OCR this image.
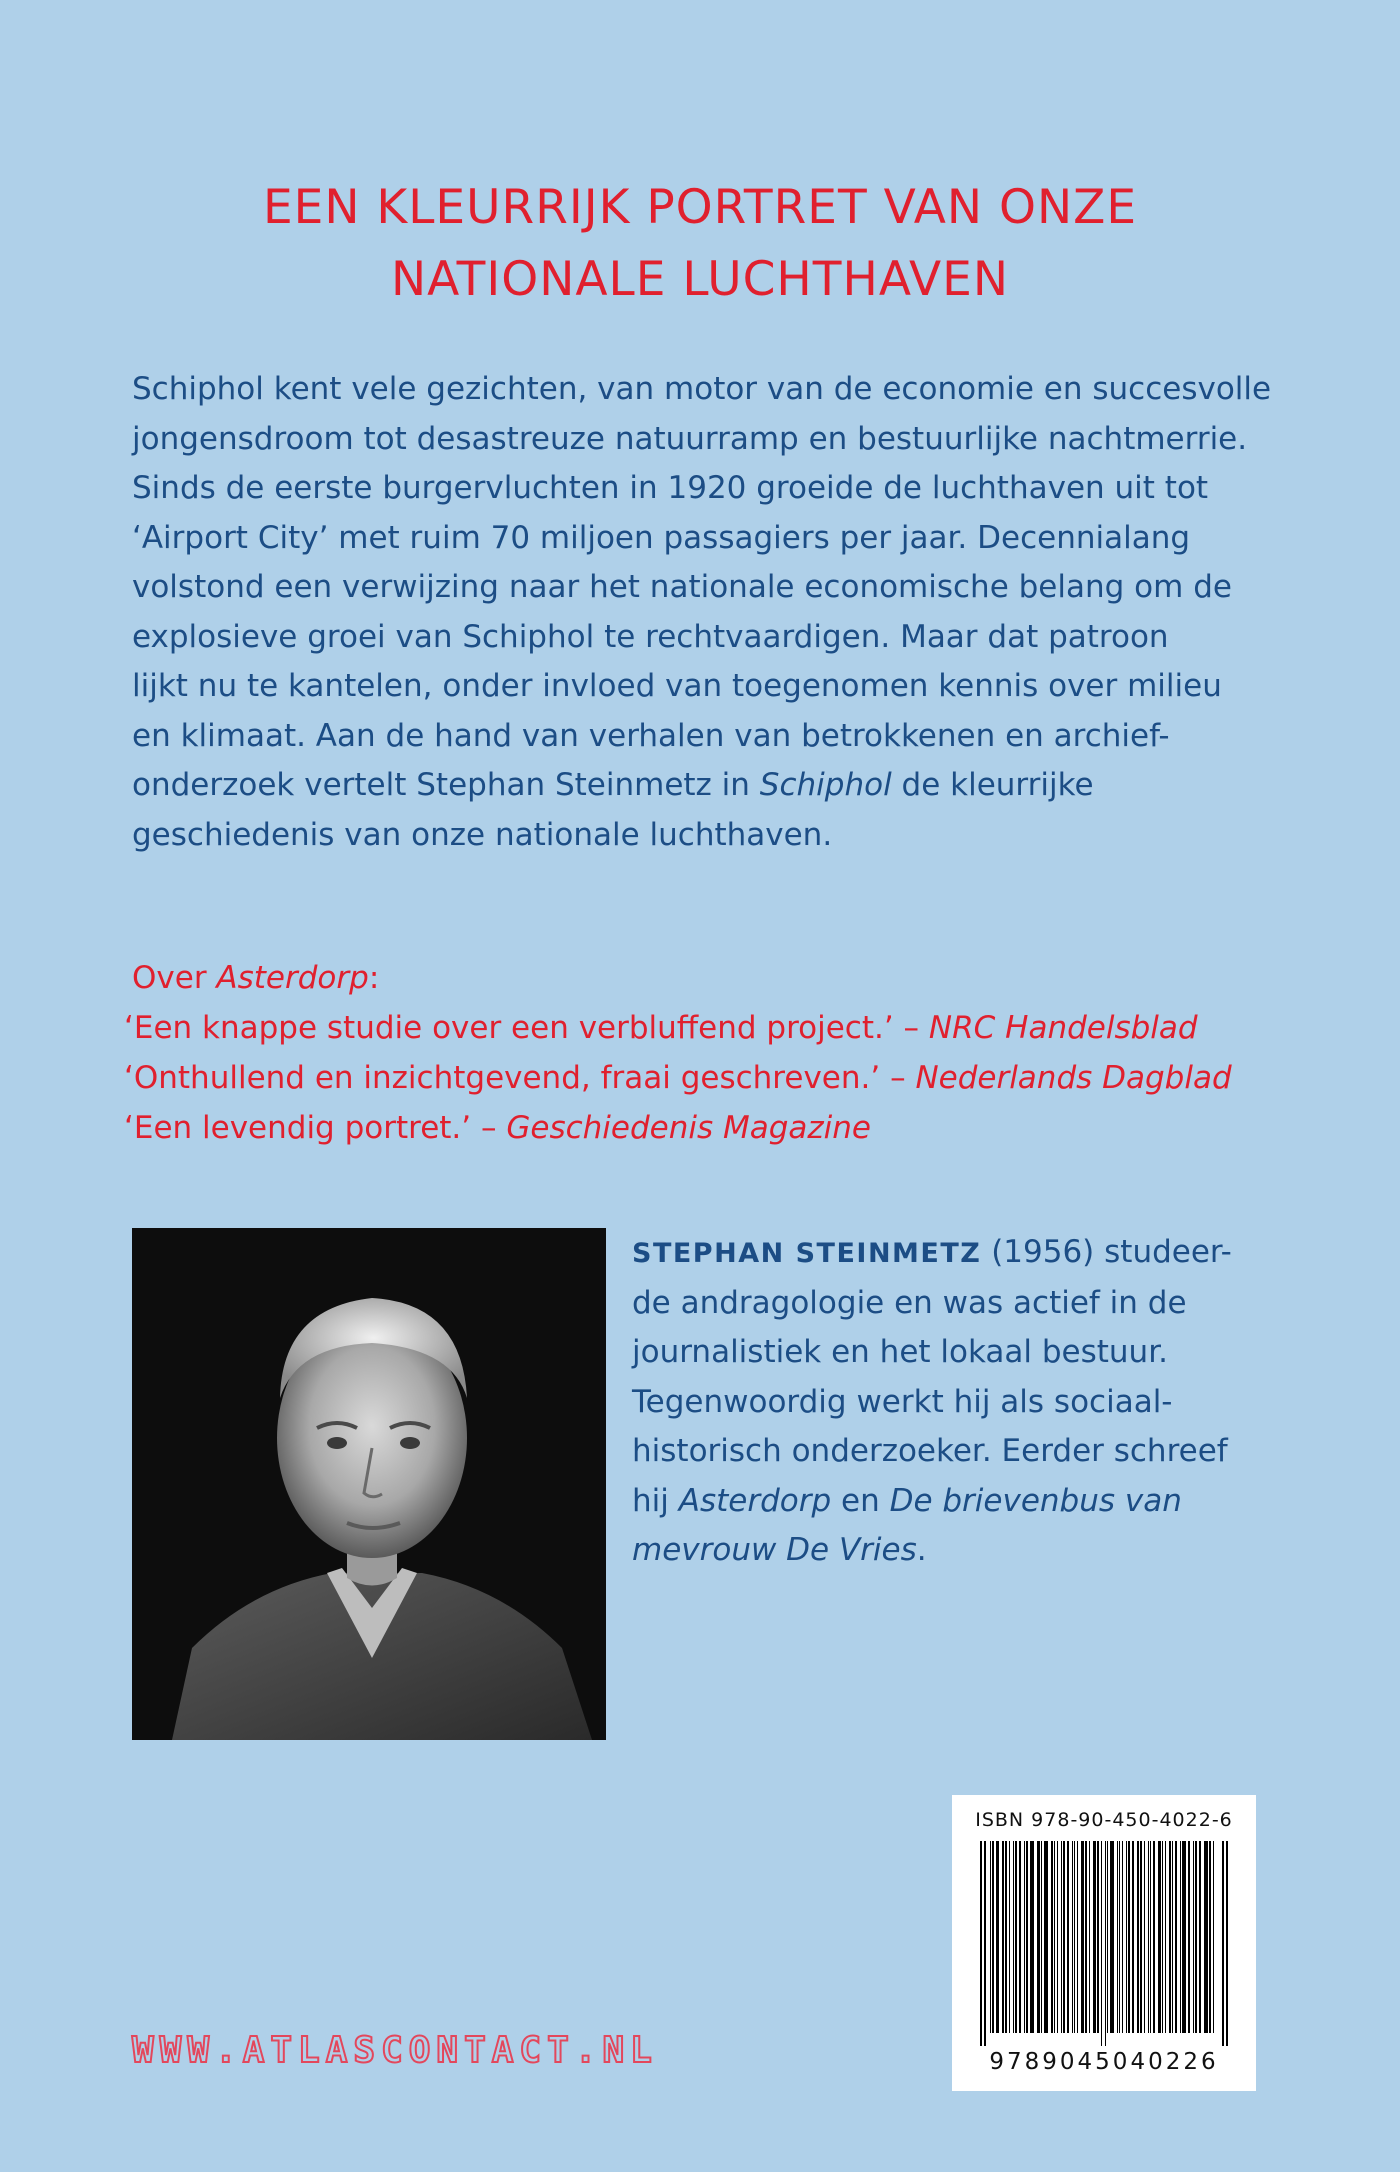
EEN KLEURRIJK PORTRET VAN ONZE
NATIONALE LUCHTHAVEN

Schiphol kent vele gezichten, van motor van de economie en succesvolle
jongensdroom tot desastreuze natuurramp en bestuurlijke nachtmerrie.
Sinds de eerste burgervluchten in 1920 groeide de luchthaven uit tot
‘Airport City’ met ruim 70 miljoen passagiers per jaar. Decennialang
volstond een verwijzing naar het nationale economische belang om de
explosieve groei van Schiphol te rechtvaardigen. Maar dat patroon
lijkt nu te kantelen, onder invloed van toegenomen kennis over milieu
en klimaat. Aan de hand van verhalen van betrokkenen en archief-
onderzoek vertelt Stephan Steinmetz in Schiphol de kleurrijke
geschiedenis van onze nationale luchthaven.

Over Asterdorp:
‘Een knappe studie over een verbluffend project.’ – NRC Handelsblad
‘Onthullend en inzichtgevend, fraai geschreven.’ – Nederlands Dagblad
‘Een levendig portret.’ – Geschiedenis Magazine
STEPHAN STEINMETZ (1956) studeer-
de andragologie en was actief in de
journalistiek en het lokaal bestuur.
Tegenwoordig werkt hij als sociaal-
historisch onderzoeker. Eerder schreef
hij Asterdorp en De brievenbus van
mevrouw De Vries.
ISBN 978-90-450-4022-6
9789045040226
WWW.ATLASCONTACT.NL
